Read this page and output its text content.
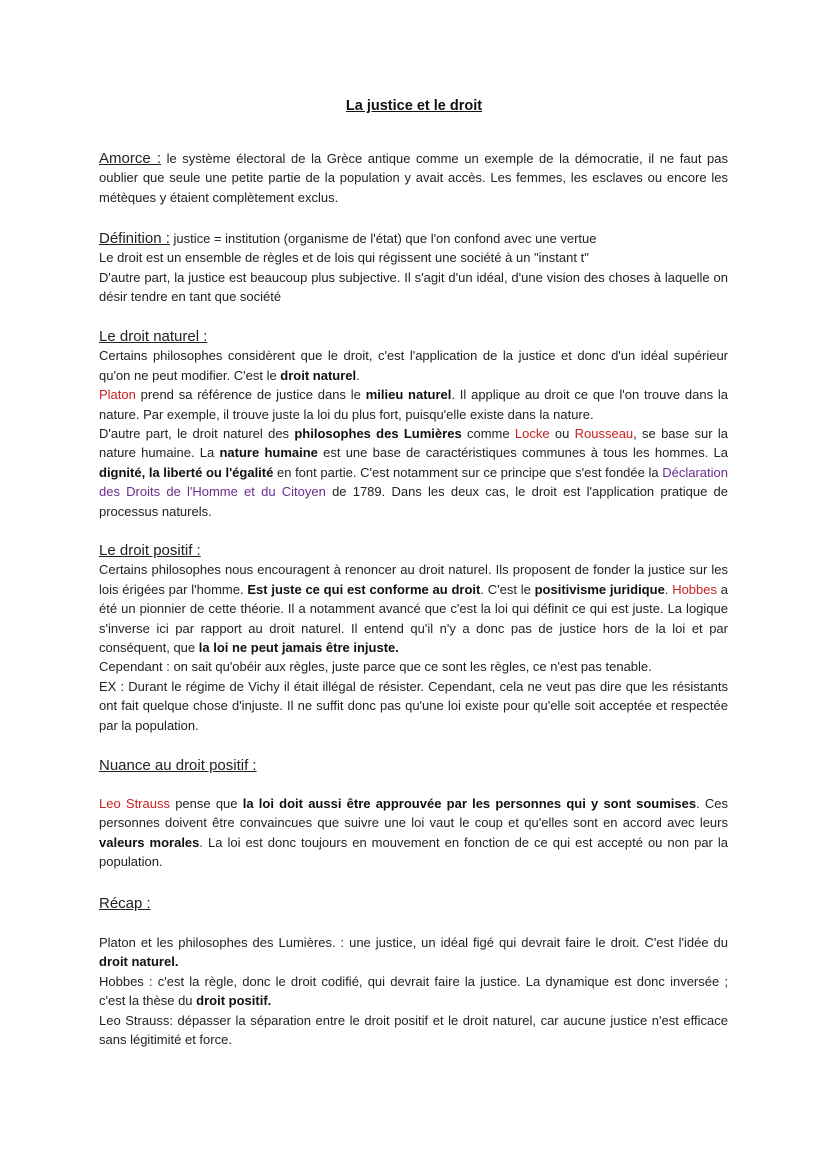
La justice et le droit

Amorce : le système électoral de la Grèce antique comme un exemple de la démocratie, il ne faut pas oublier que seule une petite partie de la population y avait accès. Les femmes, les esclaves ou encore les métèques y étaient complètement exclus.

Définition : justice = institution (organisme de l'état) que l'on confond avec une vertue

Le droit est un ensemble de règles et de lois qui régissent une société à un "instant t"

D'autre part, la justice est beaucoup plus subjective. Il s'agit d'un idéal, d'une vision des choses à laquelle on désir tendre en tant que société

Le droit naturel :

Certains philosophes considèrent que le droit, c'est l'application de la justice et donc d'un idéal supérieur qu'on ne peut modifier. C'est le droit naturel.

Platon prend sa référence de justice dans le milieu naturel. Il applique au droit ce que l'on trouve dans la nature. Par exemple, il trouve juste la loi du plus fort, puisqu'elle existe dans la nature.

D'autre part, le droit naturel des philosophes des Lumières comme Locke ou Rousseau, se base sur la nature humaine. La nature humaine est une base de caractéristiques communes à tous les hommes. La dignité, la liberté ou l'égalité en font partie. C'est notamment sur ce principe que s'est fondée la Déclaration des Droits de l'Homme et du Citoyen de 1789. Dans les deux cas, le droit est l'application pratique de processus naturels.

Le droit positif :

Certains philosophes nous encouragent à renoncer au droit naturel. Ils proposent de fonder la justice sur les lois érigées par l'homme. Est juste ce qui est conforme au droit. C'est le positivisme juridique. Hobbes a été un pionnier de cette théorie. Il a notamment avancé que c'est la loi qui définit ce qui est juste. La logique s'inverse ici par rapport au droit naturel. Il entend qu'il n'y a donc pas de justice hors de la loi et par conséquent, que la loi ne peut jamais être injuste.

Cependant : on sait qu'obéir aux règles, juste parce que ce sont les règles, ce n'est pas tenable.

EX : Durant le régime de Vichy il était illégal de résister. Cependant, cela ne veut pas dire que les résistants ont fait quelque chose d'injuste. Il ne suffit donc pas qu'une loi existe pour qu'elle soit acceptée et respectée par la population.

Nuance au droit positif :

Leo Strauss pense que la loi doit aussi être approuvée par les personnes qui y sont soumises. Ces personnes doivent être convaincues que suivre une loi vaut le coup et qu'elles sont en accord avec leurs valeurs morales. La loi est donc toujours en mouvement en fonction de ce qui est accepté ou non par la population.

Récap :

Platon et les philosophes des Lumières. : une justice, un idéal figé qui devrait faire le droit. C'est l'idée du droit naturel.

Hobbes : c'est la règle, donc le droit codifié, qui devrait faire la justice. La dynamique est donc inversée ; c'est la thèse du droit positif.

Leo Strauss: dépasser la séparation entre le droit positif et le droit naturel, car aucune justice n'est efficace sans légitimité et force.
